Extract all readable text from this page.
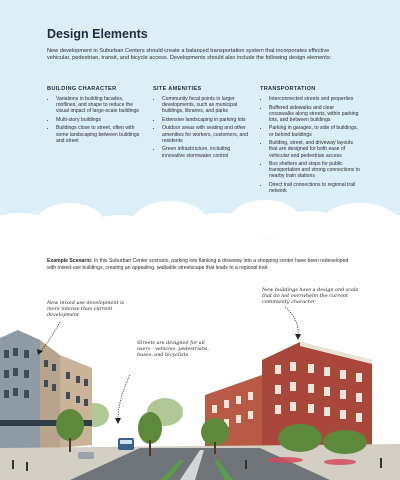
Design Elements

New development in Suburban Centers should create a balanced transportation system that incorporates effective vehicular, pedestrian, transit, and bicycle access. Developments should also include the following design elements:

BUILDING CHARACTER
• Variations in building facades, rooflines, and shape to reduce the visual impact of large-scale buildings
• Multi-story buildings
• Buildings close to street, often with some landscaping between buildings and street
SITE AMENITIES
• Community focal points in larger developments, such as municipal buildings, libraries, and parks
• Extensive landscaping in parking lots
• Outdoor areas with seating and other amenities for workers, customers, and residents
• Green infrastructure, including innovative stormwater control
TRANSPORTATION
• Interconnected streets and properties
• Buffered sidewalks and clear crosswalks along streets, within parking lots, and between buildings
• Parking in garages, to side of buildings, or behind buildings
• Building, street, and driveway layouts that are designed for both ease of vehicular and pedestrian access
• Bus shelters and stops for public transportation and strong connections to nearby train stations
• Direct trail connections to regional trail network

Example Scenario: In this Suburban Center scenario, parking lots flanking a driveway into a shopping center have been redeveloped with mixed-use buildings, creating an appealing, walkable streetscape that leads to a regional trail.

New mixed use development is more intense than current development

Streets are designed for all users - vehicles, pedestrians, buses, and bicyclists

New buildings have a design and scale that do not overwhelm the current community character
